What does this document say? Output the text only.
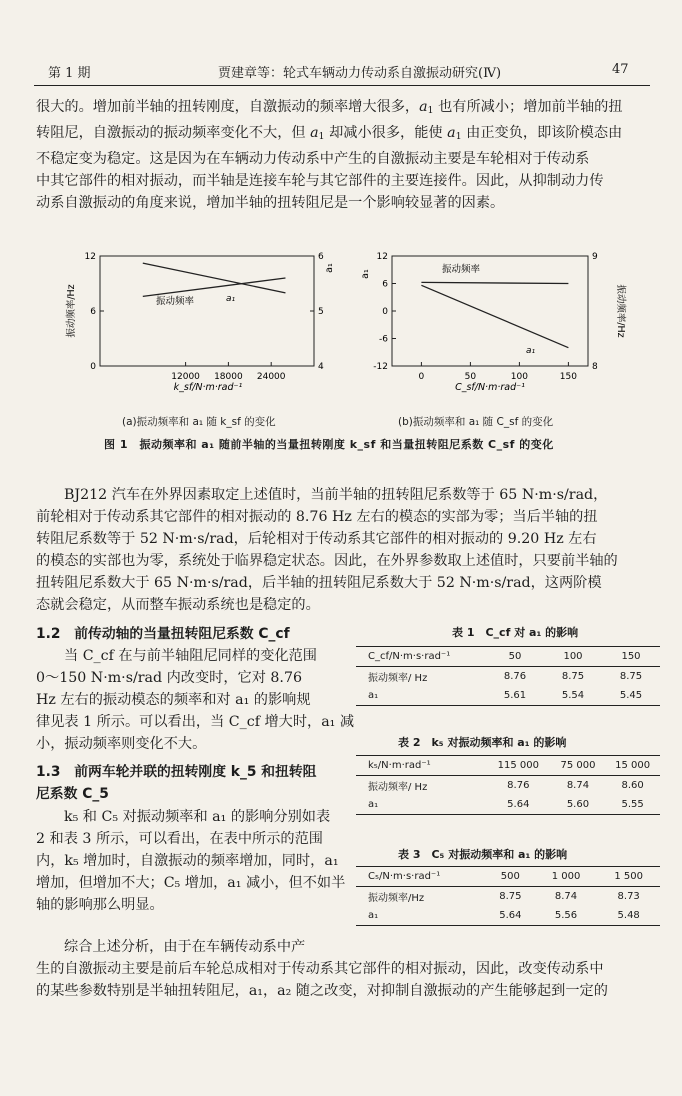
第 1 期	贾建章等：轮式车辆动力传动系自激振动研究(Ⅳ)	47
很大的。增加前半轴的扭转刚度，自激振动的频率增大很多，$a_1$ 也有所减小；增加前半轴的扭
转阻尼，自激振动的振动频率变化不大，但 $a_1$ 却减小很多，能使 $a_1$ 由正变负，即该阶模态由
不稳定变为稳定。这是因为在车辆动力传动系中产生的自激振动主要是车轮相对于传动系
中其它部件的相对振动，而半轴是连接车轮与其它部件的主要连接件。因此，从抑制动力传
动系自激振动的角度来说，增加半轴的扭转阻尼是一个影响较显著的因素。
12000 18000 24000
0
6
12
4
5
6
振动频率	a₁
k_sf/N·m·rad⁻¹
振动频率/Hz
a₁
0	50	100	150
-12
-6
0
6
12
8
9
振动频率
a₁
C_sf/N·m·rad⁻¹
a₁
振动频率/Hz
(a)振动频率和 a₁ 随 k_sf 的变化	(b)振动频率和 a₁ 随 C_sf 的变化
图 1　振动频率和 a₁ 随前半轴的当量扭转刚度 k_sf 和当量扭转阻尼系数 C_sf 的变化
BJ212 汽车在外界因素取定上述值时，当前半轴的扭转阻尼系数等于 65 N·m·s/rad，
前轮相对于传动系其它部件的相对振动的 8.76 Hz 左右的模态的实部为零；当后半轴的扭
转阻尼系数等于 52 N·m·s/rad，后轮相对于传动系其它部件的相对振动的 9.20 Hz 左右
的模态的实部也为零，系统处于临界稳定状态。因此，在外界参数取上述值时，只要前半轴的
扭转阻尼系数大于 65 N·m·s/rad，后半轴的扭转阻尼系数大于 52 N·m·s/rad，这两阶模
态就会稳定，从而整车振动系统也是稳定的。
1.2　前传动轴的当量扭转阻尼系数 C_cf
当 C_cf 在与前半轴阻尼同样的变化范围
0～150 N·m·s/rad 内改变时，它对 8.76
Hz 左右的振动模态的频率和对 a₁ 的影响规
律见表 1 所示。可以看出，当 C_cf 增大时，a₁ 减
小，振动频率则变化不大。
1.3　前两车轮并联的扭转刚度 k_5 和扭转阻
尼系数 C_5
k₅ 和 C₅ 对振动频率和 a₁ 的影响分别如表
2 和表 3 所示，可以看出，在表中所示的范围
内，k₅ 增加时，自激振动的频率增加，同时，a₁
增加，但增加不大；C₅ 增加，a₁ 减小，但不如半
轴的影响那么明显。
综合上述分析，由于在车辆传动系中产
生的自激振动主要是前后车轮总成相对于传动系其它部件的相对振动，因此，改变传动系中
的某些参数特别是半轴扭转阻尼，a₁，a₂ 随之改变，对抑制自激振动的产生能够起到一定的
表 1　C_cf 对 a₁ 的影响
C_cf/N·m·s·rad⁻¹	50	100	150
振动频率/ Hz	8.76	8.75	8.75
a₁	5.61	5.54	5.45
表 2　k₅ 对振动频率和 a₁ 的影响
k₅/N·m·rad⁻¹	115 000	75 000	15 000
振动频率/ Hz	8.76	8.74	8.60
a₁	5.64	5.60	5.55
表 3　C₅ 对振动频率和 a₁ 的影响
C₅/N·m·s·rad⁻¹	500	1 000	1 500
振动频率/Hz	8.75	8.74	8.73
a₁	5.64	5.56	5.48
